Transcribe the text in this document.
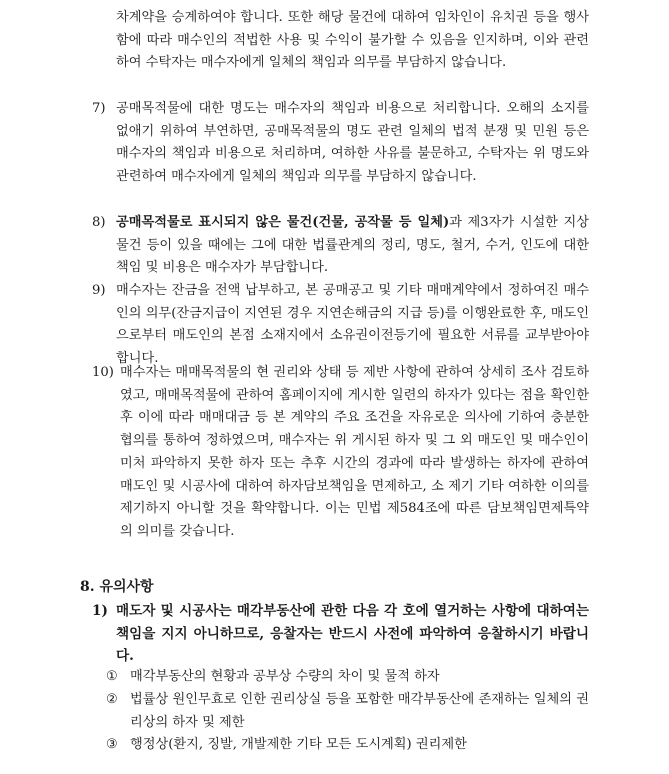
차계약을 승계하여야 합니다. 또한 해당 물건에 대하여 임차인이 유치권 등을 행사함에 따라 매수인의 적법한 사용 및 수익이 불가할 수 있음을 인지하며, 이와 관련하여 수탁자는 매수자에게 일체의 책임과 의무를 부담하지 않습니다.
7) 공매목적물에 대한 명도는 매수자의 책임과 비용으로 처리합니다. 오해의 소지를 없애기 위하여 부연하면, 공매목적물의 명도 관련 일체의 법적 분쟁 및 민원 등은 매수자의 책임과 비용으로 처리하며, 여하한 사유를 불문하고, 수탁자는 위 명도와 관련하여 매수자에게 일체의 책임과 의무를 부담하지 않습니다.
8) 공매목적물로 표시되지 않은 물건(건물, 공작물 등 일체)과 제3자가 시설한 지상물건 등이 있을 때에는 그에 대한 법률관계의 정리, 명도, 철거, 수거, 인도에 대한 책임 및 비용은 매수자가 부담합니다.
9) 매수자는 잔금을 전액 납부하고, 본 공매공고 및 기타 매매계약에서 정하여진 매수인의 의무(잔금지급이 지연된 경우 지연손해금의 지급 등)를 이행완료한 후, 매도인으로부터 매도인의 본점 소재지에서 소유권이전등기에 필요한 서류를 교부받아야 합니다.
10) 매수자는 매매목적물의 현 권리와 상태 등 제반 사항에 관하여 상세히 조사 검토하였고, 매매목적물에 관하여 홈페이지에 게시한 일련의 하자가 있다는 점을 확인한 후 이에 따라 매매대금 등 본 계약의 주요 조건을 자유로운 의사에 기하여 충분한 협의를 통하여 정하였으며, 매수자는 위 게시된 하자 및 그 외 매도인 및 매수인이 미처 파악하지 못한 하자 또는 추후 시간의 경과에 따라 발생하는 하자에 관하여 매도인 및 시공사에 대하여 하자담보책임을 면제하고, 소 제기 기타 여하한 이의를 제기하지 아니할 것을 확약합니다. 이는 민법 제584조에 따른 담보책임면제특약의 의미를 갖습니다.
8. 유의사항
1) 매도자 및 시공사는 매각부동산에 관한 다음 각 호에 열거하는 사항에 대하여는 책임을 지지 아니하므로, 응찰자는 반드시 사전에 파악하여 응찰하시기 바랍니다.
① 매각부동산의 현황과 공부상 수량의 차이 및 물적 하자
② 법률상 원인무효로 인한 권리상실 등을 포함한 매각부동산에 존재하는 일체의 권리상의 하자 및 제한
③ 행정상(환지, 징발, 개발제한 기타 모든 도시계획) 권리제한
